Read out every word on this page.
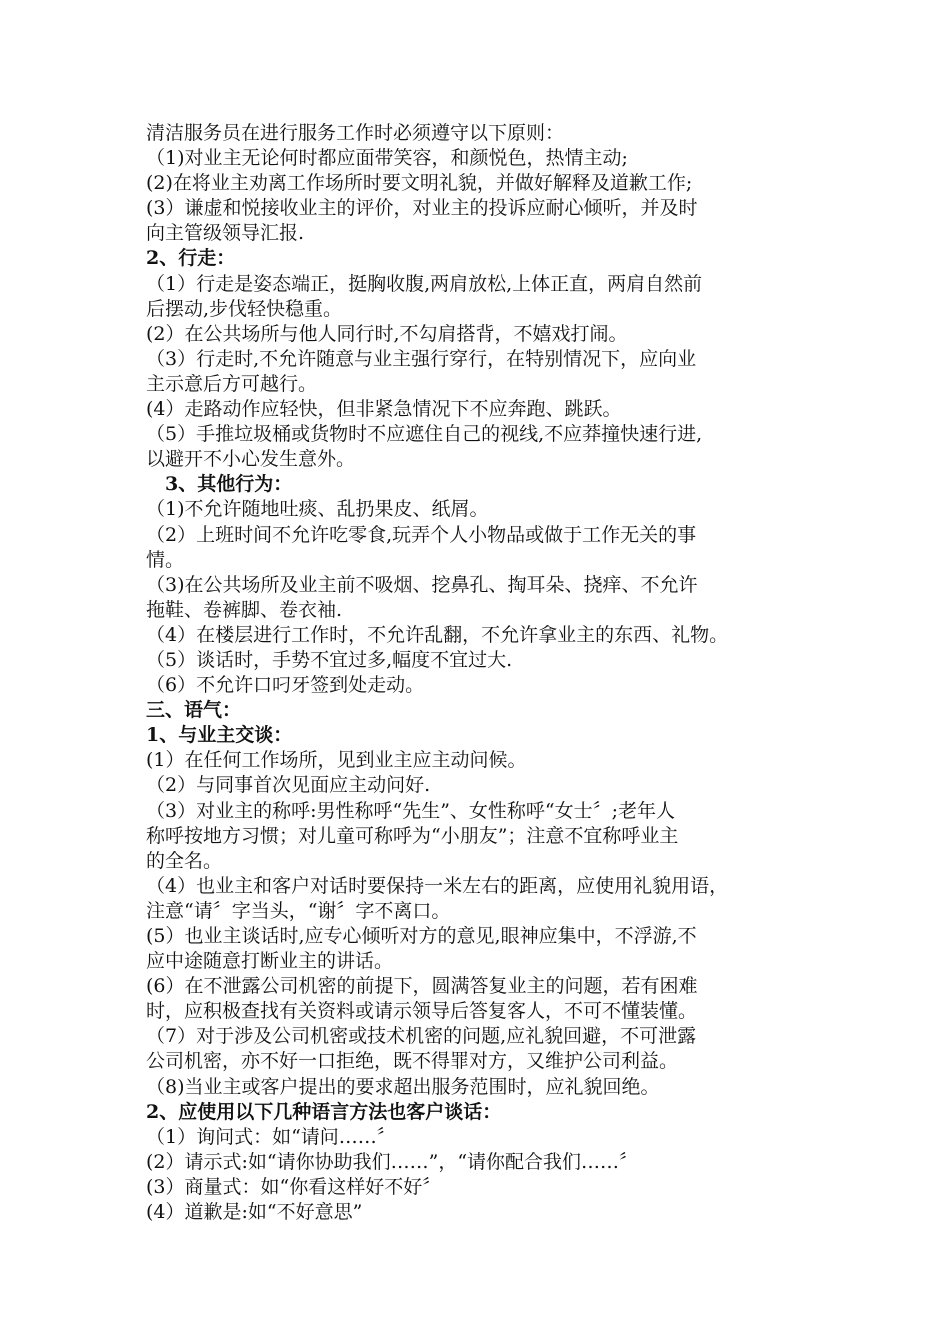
清洁服务员在进行服务工作时必须遵守以下原则：
（1)对业主无论何时都应面带笑容，和颜悦色，热情主动;
(2)在将业主劝离工作场所时要文明礼貌，并做好解释及道歉工作;
(3）谦虚和悦接收业主的评价，对业主的投诉应耐心倾听，并及时
向主管级领导汇报.
2、行走：
（1）行走是姿态端正，挺胸收腹,两肩放松,上体正直，两肩自然前
后摆动,步伐轻快稳重。
(2）在公共场所与他人同行时,不勾肩搭背，不嬉戏打闹。
（3）行走时,不允许随意与业主强行穿行，在特别情况下，应向业
主示意后方可越行。
(4）走路动作应轻快，但非紧急情况下不应奔跑、跳跃。
（5）手推垃圾桶或货物时不应遮住自己的视线,不应莽撞快速行进,
以避开不小心发生意外。
3、其他行为：
（1)不允许随地吐痰、乱扔果皮、纸屑。
（2）上班时间不允许吃零食,玩弄个人小物品或做于工作无关的事
情。
（3)在公共场所及业主前不吸烟、挖鼻孔、掏耳朵、挠痒、不允许
拖鞋、卷裤脚、卷衣袖.
（4）在楼层进行工作时，不允许乱翻，不允许拿业主的东西、礼物。
（5）谈话时，手势不宜过多,幅度不宜过大.
（6）不允许口叼牙签到处走动。
三、语气：
1、与业主交谈：
(1）在任何工作场所，见到业主应主动问候。
（2）与同事首次见面应主动问好.
（3）对业主的称呼:男性称呼“先生”、女性称呼“女士〞;老年人
称呼按地方习惯；对儿童可称呼为“小朋友”；注意不宜称呼业主
的全名。
（4）也业主和客户对话时要保持一米左右的距离，应使用礼貌用语，
注意“请〞字当头，“谢〞字不离口。
(5）也业主谈话时,应专心倾听对方的意见,眼神应集中，不浮游,不
应中途随意打断业主的讲话。
(6）在不泄露公司机密的前提下，圆满答复业主的问题，若有困难
时，应积极查找有关资料或请示领导后答复客人，不可不懂装懂。
（7）对于涉及公司机密或技术机密的问题,应礼貌回避，不可泄露
公司机密，亦不好一口拒绝，既不得罪对方，又维护公司利益。
（8)当业主或客户提出的要求超出服务范围时，应礼貌回绝。
2、应使用以下几种语言方法也客户谈话：
（1）询问式：如“请问……〞
(2）请示式:如“请你协助我们……”，“请你配合我们……〞
(3）商量式：如“你看这样好不好〞
(4）道歉是:如“不好意思”
